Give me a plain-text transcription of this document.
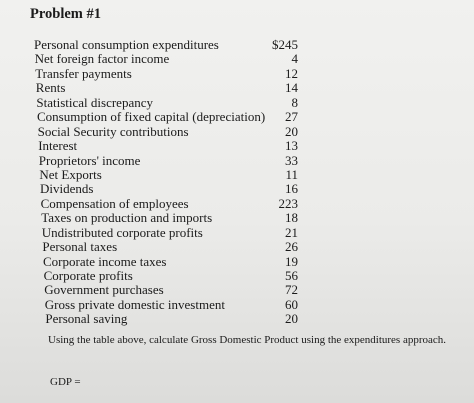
Problem #1
Personal consumption expenditures	$245
Net foreign factor income	4
Transfer payments	12
Rents	14
Statistical discrepancy	8
Consumption of fixed capital (depreciation) 27
Social Security contributions	20
Interest	13
Proprietors' income	33
Net Exports	11
Dividends	16
Compensation of employees	223
Taxes on production and imports	18
Undistributed corporate profits	21
Personal taxes	26
Corporate income taxes	19
Corporate profits	56
Government purchases	72
Gross private domestic investment	60
Personal saving	20
Using the table above, calculate Gross Domestic Product using the expenditures approach.
GDP =
